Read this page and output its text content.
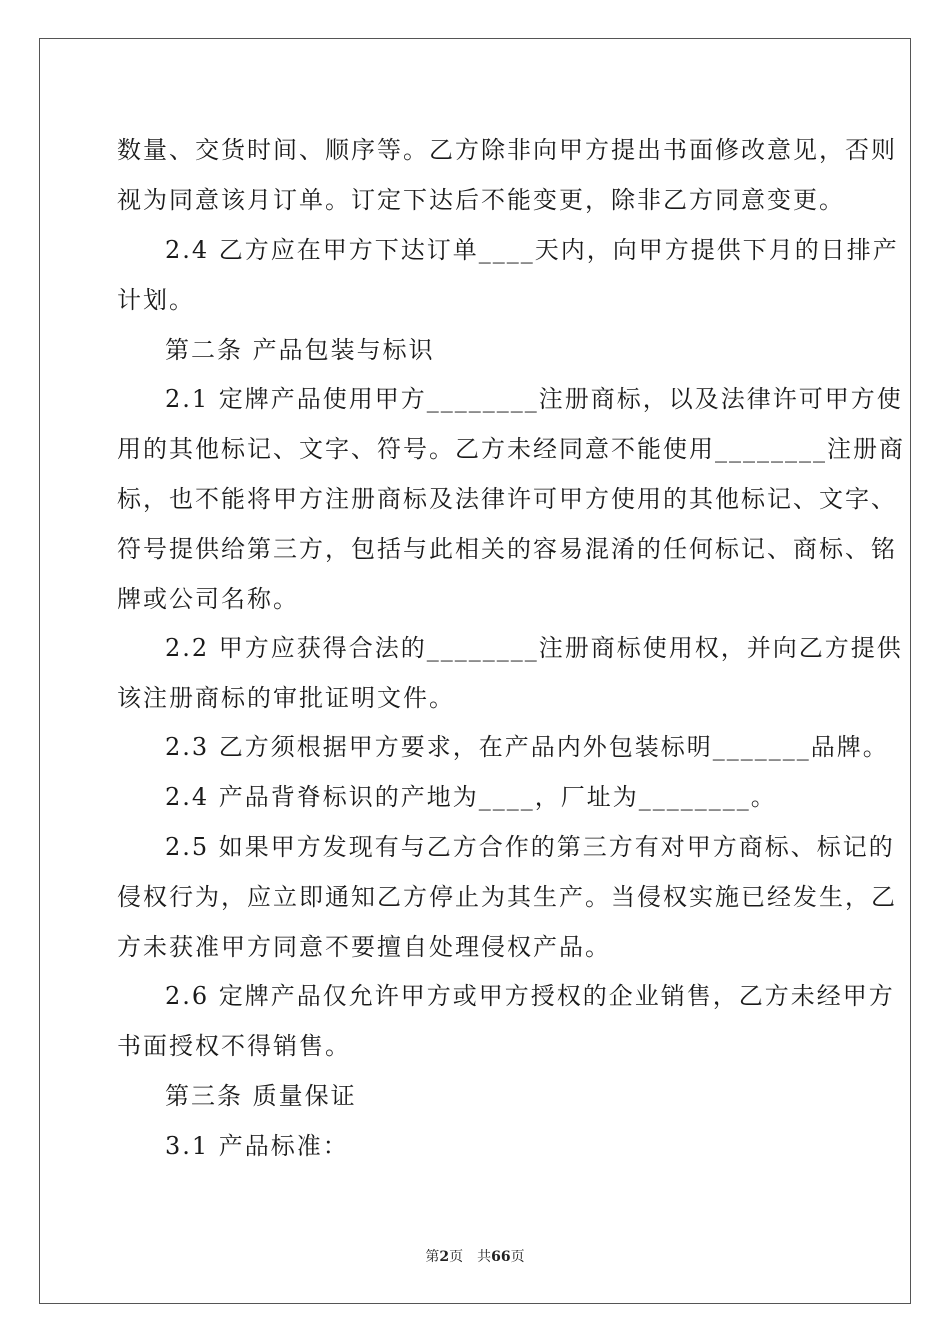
数量、交货时间、顺序等。乙方除非向甲方提出书面修改意见，否则
视为同意该月订单。订定下达后不能变更，除非乙方同意变更。
2.4 乙方应在甲方下达订单____天内，向甲方提供下月的日排产
计划。
第二条 产品包装与标识
2.1 定牌产品使用甲方________注册商标，以及法律许可甲方使
用的其他标记、文字、符号。乙方未经同意不能使用________注册商
标，也不能将甲方注册商标及法律许可甲方使用的其他标记、文字、
符号提供给第三方，包括与此相关的容易混淆的任何标记、商标、铭
牌或公司名称。
2.2 甲方应获得合法的________注册商标使用权，并向乙方提供
该注册商标的审批证明文件。
2.3 乙方须根据甲方要求，在产品内外包装标明_______品牌。
2.4 产品背脊标识的产地为____，厂址为________。
2.5 如果甲方发现有与乙方合作的第三方有对甲方商标、标记的
侵权行为，应立即通知乙方停止为其生产。当侵权实施已经发生，乙
方未获准甲方同意不要擅自处理侵权产品。
2.6 定牌产品仅允许甲方或甲方授权的企业销售，乙方未经甲方
书面授权不得销售。
第三条 质量保证
3.1 产品标准：
第2页　共66页
